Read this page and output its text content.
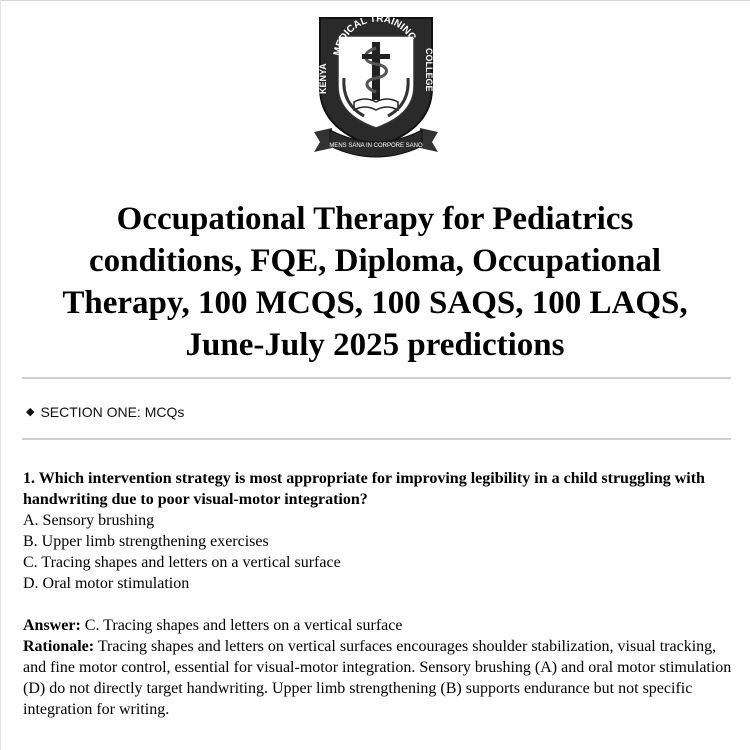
MEDICAL TRAINING
KENYA	COLLEGE
MENS SANA IN CORPORE SANO
Occupational Therapy for Pediatrics
conditions, FQE, Diploma, Occupational
Therapy, 100 MCQS, 100 SAQS, 100 LAQS,
June-July 2025 predictions
◆ SECTION ONE: MCQs

1. Which intervention strategy is most appropriate for improving legibility in a child struggling with handwriting due to poor visual-motor integration?

A. Sensory brushing

B. Upper limb strengthening exercises

C. Tracing shapes and letters on a vertical surface

D. Oral motor stimulation

Answer: C. Tracing shapes and letters on a vertical surface

Rationale: Tracing shapes and letters on vertical surfaces encourages shoulder stabilization, visual tracking, and fine motor control, essential for visual-motor integration. Sensory brushing (A) and oral motor stimulation (D) do not directly target handwriting. Upper limb strengthening (B) supports endurance but not specific integration for writing.
